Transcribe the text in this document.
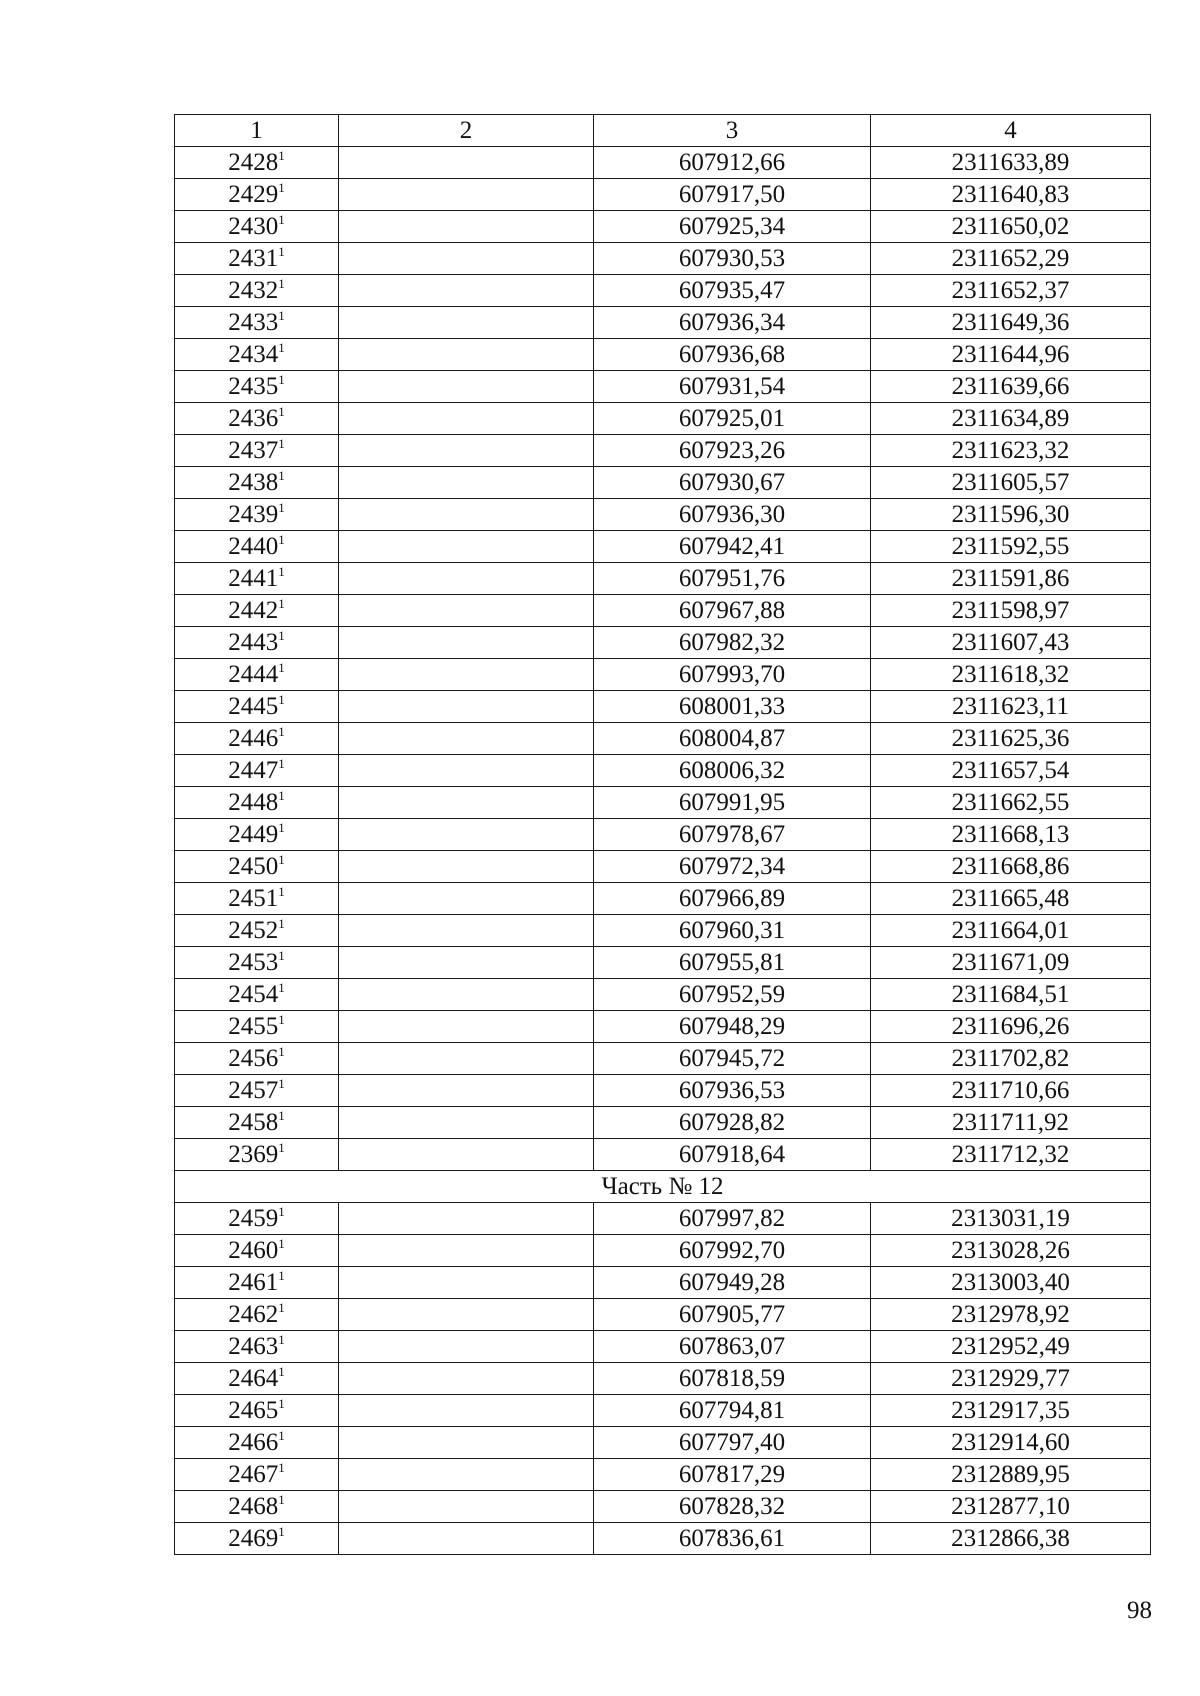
1	2	3	4
2428$^1$		607912,66	2311633,89
2429$^1$		607917,50	2311640,83
2430$^1$		607925,34	2311650,02
2431$^1$		607930,53	2311652,29
2432$^1$		607935,47	2311652,37
2433$^1$		607936,34	2311649,36
2434$^1$		607936,68	2311644,96
2435$^1$		607931,54	2311639,66
2436$^1$		607925,01	2311634,89
2437$^1$		607923,26	2311623,32
2438$^1$		607930,67	2311605,57
2439$^1$		607936,30	2311596,30
2440$^1$		607942,41	2311592,55
2441$^1$		607951,76	2311591,86
2442$^1$		607967,88	2311598,97
2443$^1$		607982,32	2311607,43
2444$^1$		607993,70	2311618,32
2445$^1$		608001,33	2311623,11
2446$^1$		608004,87	2311625,36
2447$^1$		608006,32	2311657,54
2448$^1$		607991,95	2311662,55
2449$^1$		607978,67	2311668,13
2450$^1$		607972,34	2311668,86
2451$^1$		607966,89	2311665,48
2452$^1$		607960,31	2311664,01
2453$^1$		607955,81	2311671,09
2454$^1$		607952,59	2311684,51
2455$^1$		607948,29	2311696,26
2456$^1$		607945,72	2311702,82
2457$^1$		607936,53	2311710,66
2458$^1$		607928,82	2311711,92
2369$^1$		607918,64	2311712,32
Часть № 12			
2459$^1$		607997,82	2313031,19
2460$^1$		607992,70	2313028,26
2461$^1$		607949,28	2313003,40
2462$^1$		607905,77	2312978,92
2463$^1$		607863,07	2312952,49
2464$^1$		607818,59	2312929,77
2465$^1$		607794,81	2312917,35
2466$^1$		607797,40	2312914,60
2467$^1$		607817,29	2312889,95
2468$^1$		607828,32	2312877,10
2469$^1$		607836,61	2312866,38
98
